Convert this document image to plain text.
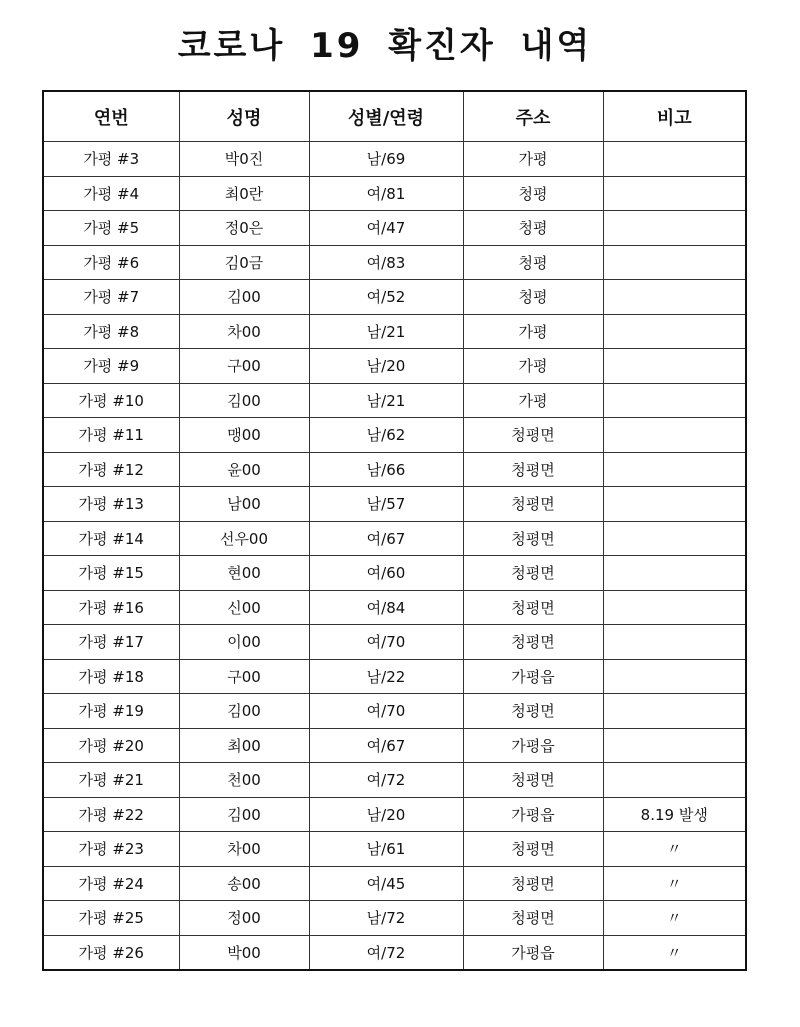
코로나 19 확진자 내역
연번	성명	성별/연령	주소	비고
가평 #3	박0진	남/69	가평	
가평 #4	최0란	여/81	청평	
가평 #5	정0은	여/47	청평	
가평 #6	김0금	여/83	청평	
가평 #7	김00	여/52	청평	
가평 #8	차00	남/21	가평	
가평 #9	구00	남/20	가평	
가평 #10	김00	남/21	가평	
가평 #11	맹00	남/62	청평면	
가평 #12	윤00	남/66	청평면	
가평 #13	남00	남/57	청평면	
가평 #14	선우00	여/67	청평면	
가평 #15	현00	여/60	청평면	
가평 #16	신00	여/84	청평면	
가평 #17	이00	여/70	청평면	
가평 #18	구00	남/22	가평읍	
가평 #19	김00	여/70	청평면	
가평 #20	최00	여/67	가평읍	
가평 #21	천00	여/72	청평면	
가평 #22	김00	남/20	가평읍	8.19 발생
가평 #23	차00	남/61	청평면	〃
가평 #24	송00	여/45	청평면	〃
가평 #25	정00	남/72	청평면	〃
가평 #26	박00	여/72	가평읍	〃
